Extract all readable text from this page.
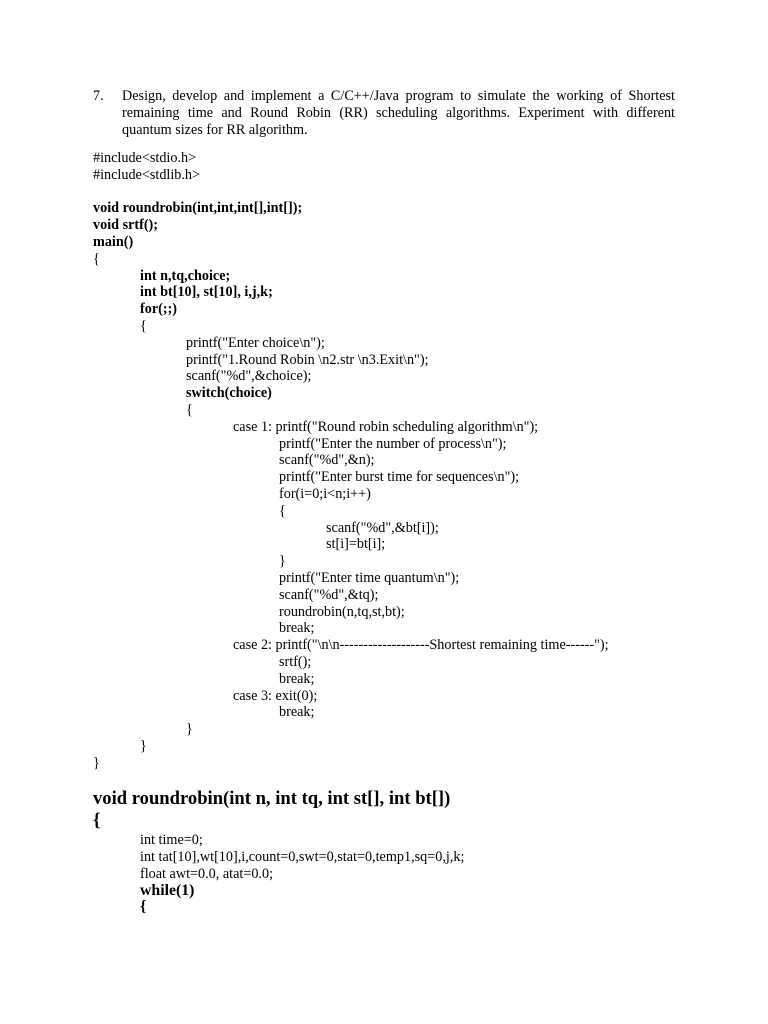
7.	Design, develop and implement a C/C++/Java program to simulate the working of Shortest remaining time and Round Robin (RR) scheduling algorithms. Experiment with different quantum sizes for RR algorithm.
#include<stdio.h>
#include<stdlib.h>
void roundrobin(int,int,int[],int[]);
void srtf();
main()
{
int n,tq,choice;
int bt[10], st[10], i,j,k;
for(;;)
{
printf("Enter choice\n");
printf("1.Round Robin \n2.str \n3.Exit\n");
scanf("%d",&choice);
switch(choice)
{
case 1: printf("Round robin scheduling algorithm\n");
printf("Enter the number of process\n");
scanf("%d",&n);
printf("Enter burst time for sequences\n");
for(i=0;i<n;i++)
{
scanf("%d",&bt[i]);
st[i]=bt[i];
}
printf("Enter time quantum\n");
scanf("%d",&tq);
roundrobin(n,tq,st,bt);
break;
case 2: printf("\n\n-------------------Shortest remaining time------");
srtf();
break;
case 3: exit(0);
break;
}
}
}
void roundrobin(int n, int tq, int st[], int bt[])
{
int time=0;
int tat[10],wt[10],i,count=0,swt=0,stat=0,temp1,sq=0,j,k;
float awt=0.0, atat=0.0;
while(1)
{
